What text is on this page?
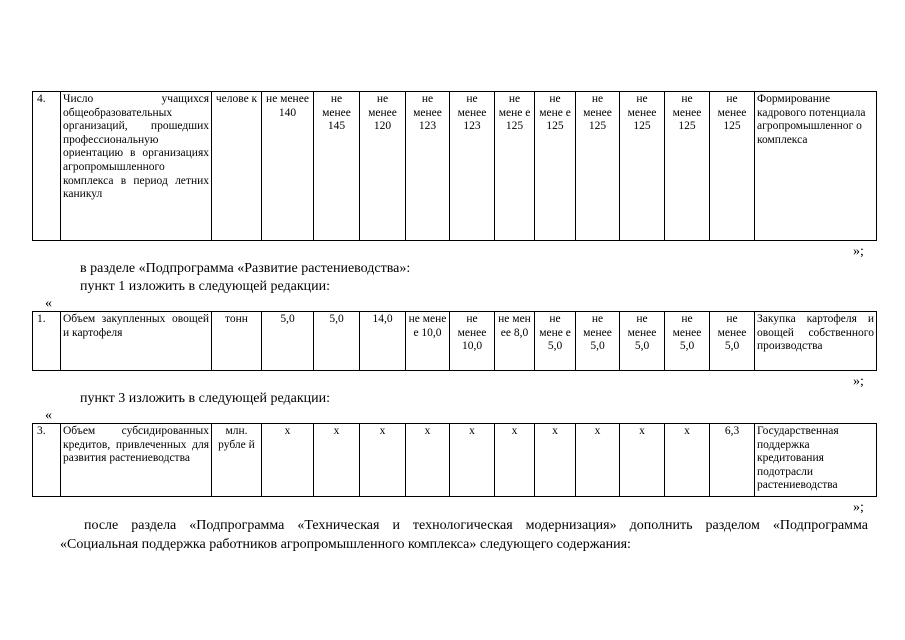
4.	Число учащихся общеобразовательных организаций, прошедших профессиональную ориентацию в организациях агропромышленного комплекса в период летних каникул	челове к	не менее 140	не менее 145	не менее 120	не менее 123	не менее 123	не мене е 125	не мене е 125	не менее 125	не менее 125	не менее 125	не менее 125	Формирование кадрового потенциала агропромышленног о комплекса
»;
в разделе «Подпрограмма «Развитие растениеводства»:
пункт 1 изложить в следующей редакции:
«
1.	Объем закупленных овощей и картофеля	тонн	5,0	5,0	14,0	не мене е 10,0	не менее 10,0	не мен ее 8,0	не мене е 5,0	не менее 5,0	не менее 5,0	не менее 5,0	не менее 5,0	Закупка картофеля и овощей собственного производства
»;
пункт 3 изложить в следующей редакции:
«
3.	Объем субсидированных кредитов, привлеченных для развития растениеводства	млн. рубле й	х	х	х	х	х	х	х	х	х	х	6,3	Государственная поддержка кредитования подотрасли растениеводства
»;
после раздела «Подпрограмма «Техническая и технологическая модернизация» дополнить разделом «Подпрограмма
«Социальная поддержка работников агропромышленного комплекса» следующего содержания:
